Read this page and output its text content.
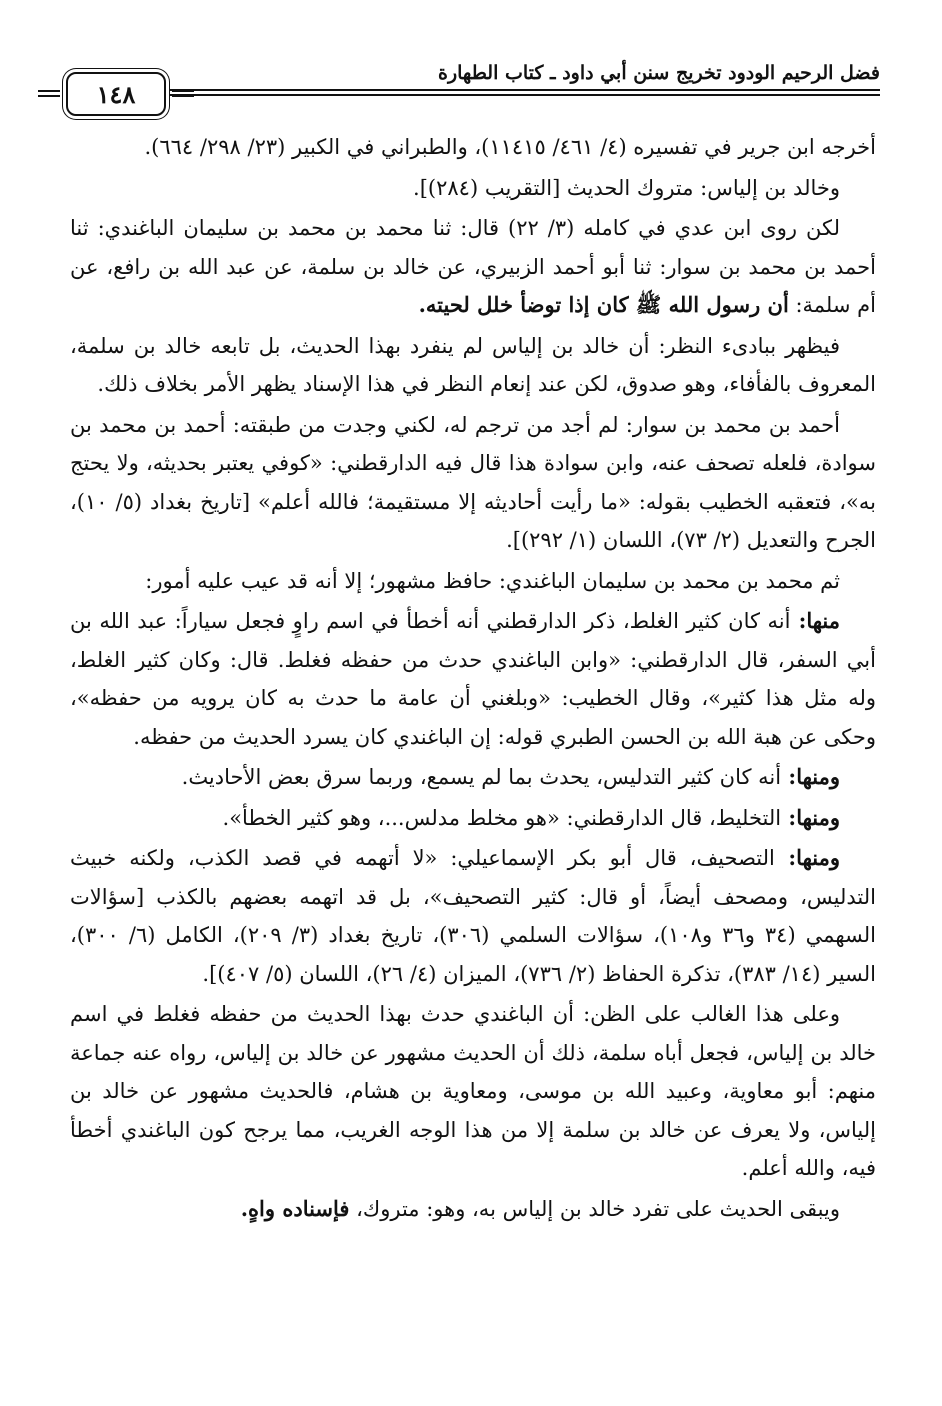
فضل الرحيم الودود تخريج سنن أبي داود ـ كتاب الطهارة
١٤٨

أخرجه ابن جرير في تفسيره (٤/ ٤٦١/ ١١٤١٥)، والطبراني في الكبير (٢٣/ ٢٩٨/ ٦٦٤).

وخالد بن إلياس: متروك الحديث [التقريب (٢٨٤)].

لكن روى ابن عدي في كامله (٣/ ٢٢) قال: ثنا محمد بن محمد بن سليمان الباغندي: ثنا أحمد بن محمد بن سوار: ثنا أبو أحمد الزبيري، عن خالد بن سلمة، عن عبد الله بن رافع، عن أم سلمة: أن رسول الله ﷺ كان إذا توضأ خلل لحيته.

فيظهر ببادىء النظر: أن خالد بن إلياس لم ينفرد بهذا الحديث، بل تابعه خالد بن سلمة، المعروف بالفأفاء، وهو صدوق، لكن عند إنعام النظر في هذا الإسناد يظهر الأمر بخلاف ذلك.

أحمد بن محمد بن سوار: لم أجد من ترجم له، لكني وجدت من طبقته: أحمد بن محمد بن سوادة، فلعله تصحف عنه، وابن سوادة هذا قال فيه الدارقطني: «كوفي يعتبر بحديثه، ولا يحتج به»، فتعقبه الخطيب بقوله: «ما رأيت أحاديثه إلا مستقيمة؛ فالله أعلم» [تاريخ بغداد (٥/ ١٠)، الجرح والتعديل (٢/ ٧٣)، اللسان (١/ ٢٩٢)].

ثم محمد بن محمد بن سليمان الباغندي: حافظ مشهور؛ إلا أنه قد عيب عليه أمور:

منها: أنه كان كثير الغلط، ذكر الدارقطني أنه أخطأ في اسم راوٍ فجعل سياراً: عبد الله بن أبي السفر، قال الدارقطني: «وابن الباغندي حدث من حفظه فغلط. قال: وكان كثير الغلط، وله مثل هذا كثير»، وقال الخطيب: «وبلغني أن عامة ما حدث به كان يرويه من حفظه»، وحكى عن هبة الله بن الحسن الطبري قوله: إن الباغندي كان يسرد الحديث من حفظه.

ومنها: أنه كان كثير التدليس، يحدث بما لم يسمع، وربما سرق بعض الأحاديث.

ومنها: التخليط، قال الدارقطني: «هو مخلط مدلس...، وهو كثير الخطأ».

ومنها: التصحيف، قال أبو بكر الإسماعيلي: «لا أتهمه في قصد الكذب، ولكنه خبيث التدليس، ومصحف أيضاً، أو قال: كثير التصحيف»، بل قد اتهمه بعضهم بالكذب [سؤالات السهمي (٣٤ و٣٦ و١٠٨)، سؤالات السلمي (٣٠٦)، تاريخ بغداد (٣/ ٢٠٩)، الكامل (٦/ ٣٠٠)، السير (١٤/ ٣٨٣)، تذكرة الحفاظ (٢/ ٧٣٦)، الميزان (٤/ ٢٦)، اللسان (٥/ ٤٠٧)].

وعلى هذا الغالب على الظن: أن الباغندي حدث بهذا الحديث من حفظه فغلط في اسم خالد بن إلياس، فجعل أباه سلمة، ذلك أن الحديث مشهور عن خالد بن إلياس، رواه عنه جماعة منهم: أبو معاوية، وعبيد الله بن موسى، ومعاوية بن هشام، فالحديث مشهور عن خالد بن إلياس، ولا يعرف عن خالد بن سلمة إلا من هذا الوجه الغريب، مما يرجح كون الباغندي أخطأ فيه، والله أعلم.

ويبقى الحديث على تفرد خالد بن إلياس به، وهو: متروك، فإسناده واهٍ.
